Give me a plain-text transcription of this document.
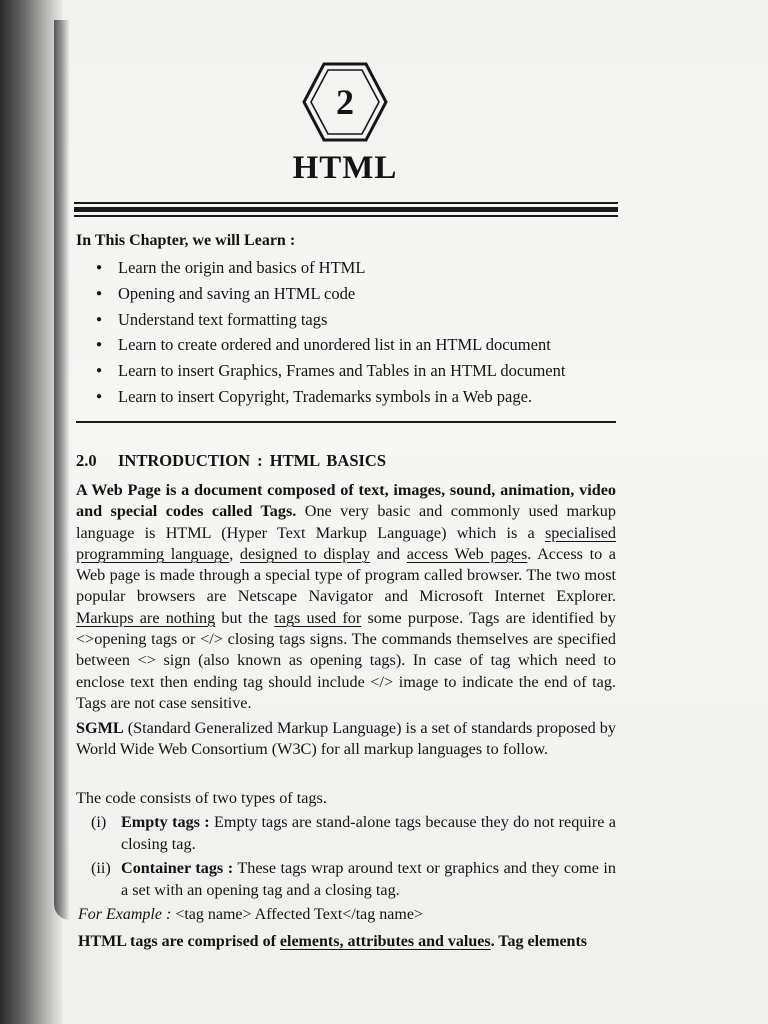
2
HTML
In This Chapter, we will Learn :
● Learn the origin and basics of HTML
● Opening and saving an HTML code
● Understand text formatting tags
● Learn to create ordered and unordered list in an HTML document
● Learn to insert Graphics, Frames and Tables in an HTML document
● Learn to insert Copyright, Trademarks symbols in a Web page.
2.0 INTRODUCTION : HTML BASICS

A Web Page is a document composed of text, images, sound, animation, video and special codes called Tags. One very basic and commonly used markup language is HTML (Hyper Text Markup Language) which is a specialised programming language, designed to display and access Web pages. Access to a Web page is made through a special type of program called browser. The two most popular browsers are Netscape Navigator and Microsoft Internet Explorer. Markups are nothing but the tags used for some purpose. Tags are identified by <>opening tags or </> closing tags signs. The commands themselves are specified between <> sign (also known as opening tags). In case of tag which need to enclose text then ending tag should include </> image to indicate the end of tag. Tags are not case sensitive.

SGML (Standard Generalized Markup Language) is a set of standards proposed by World Wide Web Consortium (W3C) for all markup languages to follow.

The code consists of two types of tags.

(i) Empty tags : Empty tags are stand-alone tags because they do not require a closing tag.
(ii) Container tags : These tags wrap around text or graphics and they come in a set with an opening tag and a closing tag.
For Example : <tag name> Affected Text</tag name>
HTML tags are comprised of elements, attributes and values. Tag elements
